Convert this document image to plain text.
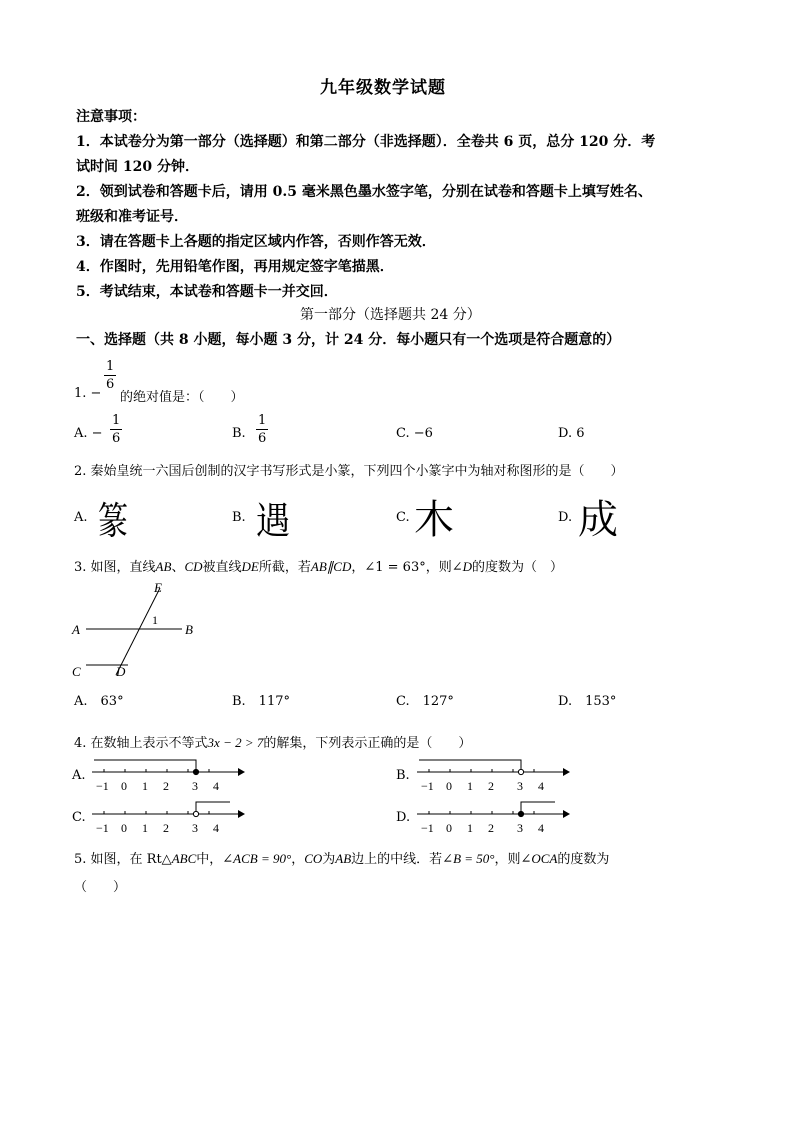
九年级数学试题
注意事项：
1．本试卷分为第一部分（选择题）和第二部分（非选择题）．全卷共 6 页，总分 120 分．考
试时间 120 分钟．
2．领到试卷和答题卡后，请用 0.5 毫米黑色墨水签字笔，分别在试卷和答题卡上填写姓名、
班级和准考证号．
3．请在答题卡上各题的指定区域内作答，否则作答无效．
4．作图时，先用铅笔作图，再用规定签字笔描黑．
5．考试结束，本试卷和答题卡一并交回．
第一部分（选择题共 24 分）
一、选择题（共 8 小题，每小题 3 分，计 24 分．每小题只有一个选项是符合题意的）
1. −
$\frac{1}{6}$
的绝对值是：（　　）
A. − $\frac{1}{6}$	B. $\frac{1}{6}$	C. −6	D. 6
2. 秦始皇统一六国后创制的汉字书写形式是小篆，下列四个小篆字中为轴对称图形的是（　　）
A. 篆	B. 遇	C. 木	D. 成
3. 如图，直线AB、CD被直线DE所截，若AB∥CD，∠1 = 63°，则∠D的度数为（　）
E
A	B
C	D
1
A.　63°	B.　117°	C.　127°	D.　153°
4. 在数轴上表示不等式3x − 2 > 7的解集，下列表示正确的是（　　）
A.
−1 0 1 2 3 4
B.
−1 0 1 2 3 4
C.
−1 0 1 2 3 4
D.
−1 0 1 2 3 4
5. 如图，在 Rt△ABC中，∠ACB = 90°，CO为AB边上的中线．若∠B = 50°，则∠OCA的度数为
（　　）
